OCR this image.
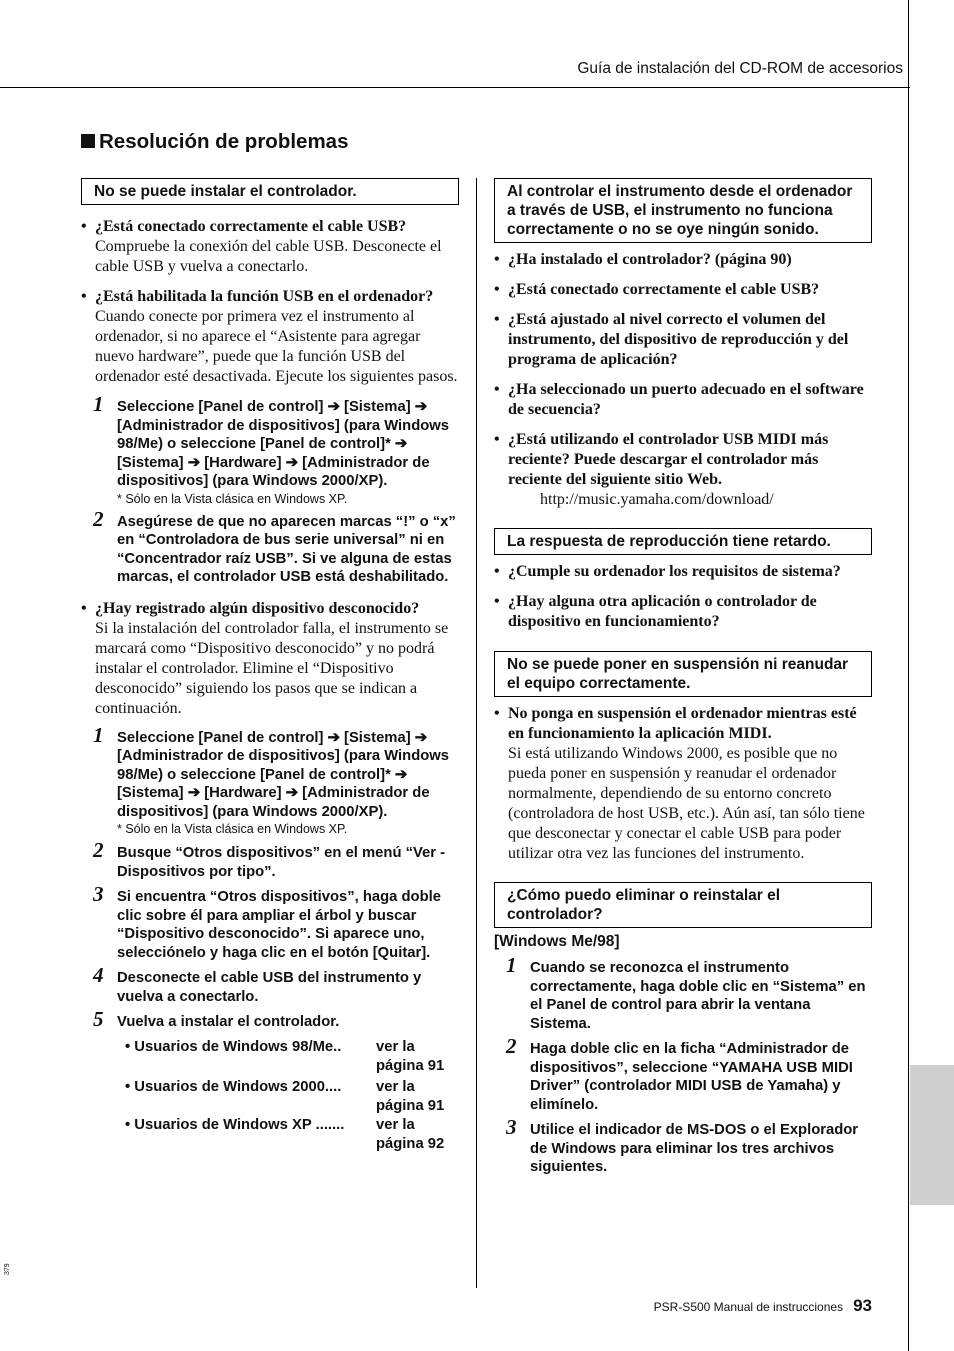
Guía de instalación del CD-ROM de accesorios
Resolución de problemas
No se puede instalar el controlador.
• ¿Está conectado correctamente el cable USB?
Compruebe la conexión del cable USB. Desconecte el cable USB y vuelva a conectarlo.
• ¿Está habilitada la función USB en el ordenador?
Cuando conecte por primera vez el instrumento al ordenador, si no aparece el “Asistente para agregar nuevo hardware”, puede que la función USB del ordenador esté desactivada. Ejecute los siguientes pasos.
1 Seleccione [Panel de control] ➔ [Sistema] ➔ [Administrador de dispositivos] (para Windows 98/Me) o seleccione [Panel de control]* ➔ [Sistema] ➔ [Hardware] ➔ [Administrador de dispositivos] (para Windows 2000/XP).
* Sólo en la Vista clásica en Windows XP.
2 Asegúrese de que no aparecen marcas “!” o “x” en “Controladora de bus serie universal” ni en “Concentrador raíz USB”. Si ve alguna de estas marcas, el controlador USB está deshabilitado.
• ¿Hay registrado algún dispositivo desconocido?
Si la instalación del controlador falla, el instrumento se marcará como “Dispositivo desconocido” y no podrá instalar el controlador. Elimine el “Dispositivo desconocido” siguiendo los pasos que se indican a continuación.
1 Seleccione [Panel de control] ➔ [Sistema] ➔ [Administrador de dispositivos] (para Windows 98/Me) o seleccione [Panel de control]* ➔ [Sistema] ➔ [Hardware] ➔ [Administrador de dispositivos] (para Windows 2000/XP).
* Sólo en la Vista clásica en Windows XP.
2 Busque “Otros dispositivos” en el menú “Ver - Dispositivos por tipo”.
3 Si encuentra “Otros dispositivos”, haga doble clic sobre él para ampliar el árbol y buscar “Dispositivo desconocido”. Si aparece uno, selecciónelo y haga clic en el botón [Quitar].
4 Desconecte el cable USB del instrumento y vuelva a conectarlo.
5 Vuelva a instalar el controlador.
• Usuarios de Windows 98/Me..	ver la página 91
• Usuarios de Windows 2000....	ver la página 91
• Usuarios de Windows XP .......	ver la página 92
Al controlar el instrumento desde el ordenador a través de USB, el instrumento no funciona correctamente o no se oye ningún sonido.
• ¿Ha instalado el controlador? (página 90)
• ¿Está conectado correctamente el cable USB?
• ¿Está ajustado al nivel correcto el volumen del instrumento, del dispositivo de reproducción y del programa de aplicación?
• ¿Ha seleccionado un puerto adecuado en el software de secuencia?
• ¿Está utilizando el controlador USB MIDI más reciente? Puede descargar el controlador más reciente del siguiente sitio Web.
http://music.yamaha.com/download/
La respuesta de reproducción tiene retardo.
• ¿Cumple su ordenador los requisitos de sistema?
• ¿Hay alguna otra aplicación o controlador de dispositivo en funcionamiento?
No se puede poner en suspensión ni reanudar el equipo correctamente.
• No ponga en suspensión el ordenador mientras esté en funcionamiento la aplicación MIDI.
Si está utilizando Windows 2000, es posible que no pueda poner en suspensión y reanudar el ordenador normalmente, dependiendo de su entorno concreto (controladora de host USB, etc.). Aún así, tan sólo tiene que desconectar y conectar el cable USB para poder utilizar otra vez las funciones del instrumento.
¿Cómo puedo eliminar o reinstalar el controlador?
[Windows Me/98]
1 Cuando se reconozca el instrumento correctamente, haga doble clic en “Sistema” en el Panel de control para abrir la ventana Sistema.
2 Haga doble clic en la ficha “Administrador de dispositivos”, seleccione “YAMAHA USB MIDI Driver” (controlador MIDI USB de Yamaha) y elimínelo.
3 Utilice el indicador de MS-DOS o el Explorador de Windows para eliminar los tres archivos siguientes.
PSR-S500 Manual de instrucciones 93
379
